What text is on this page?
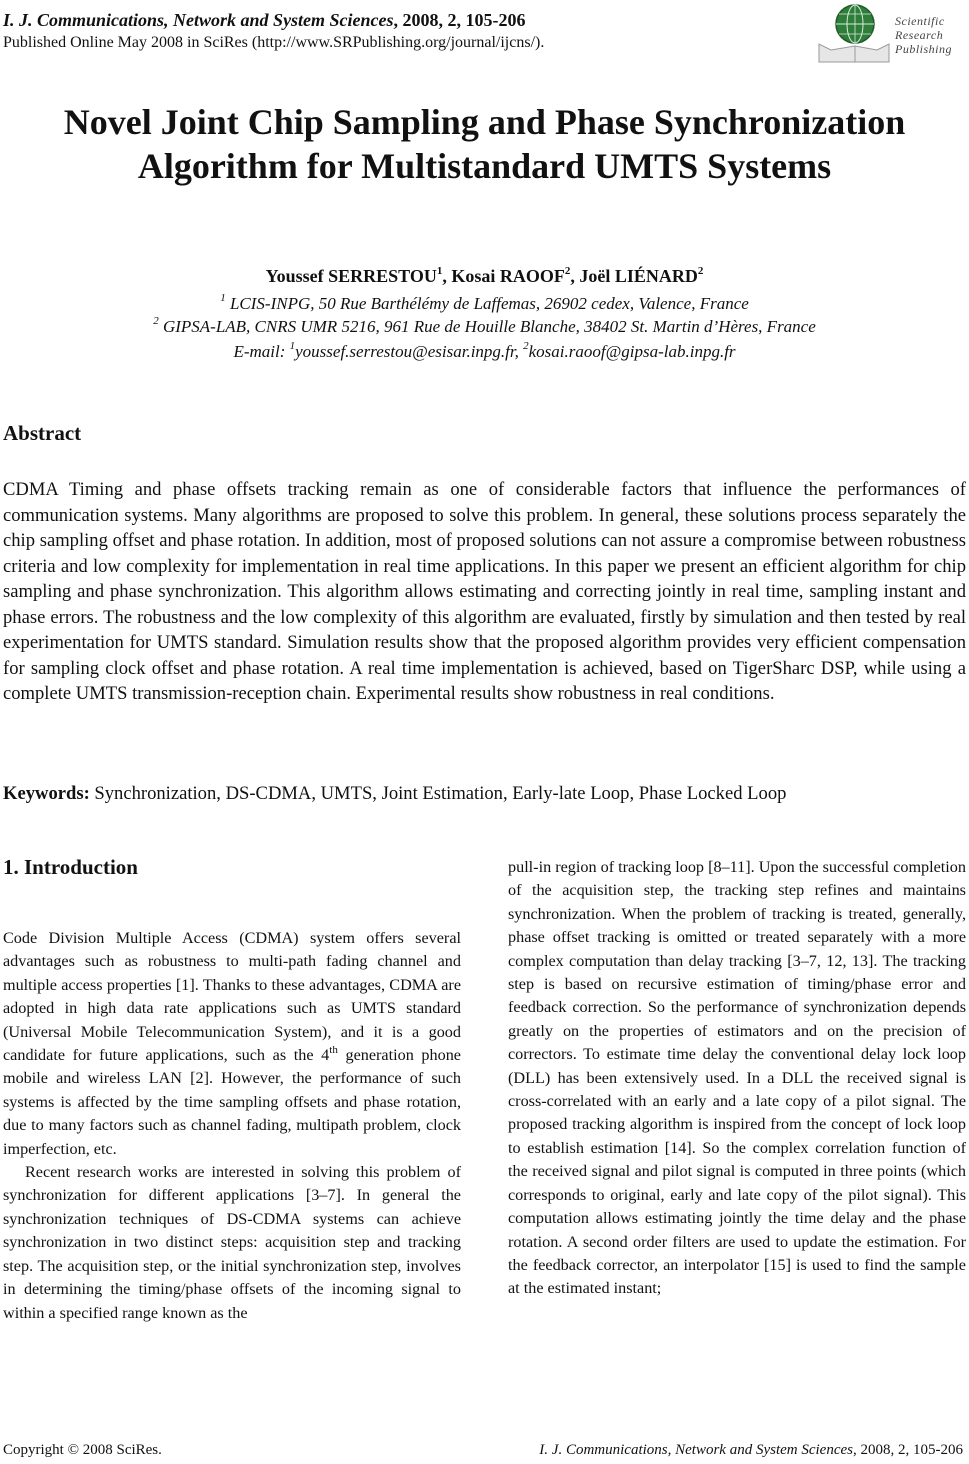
I. J. Communications, Network and System Sciences, 2008, 2, 105-206
Published Online May 2008 in SciRes (http://www.SRPublishing.org/journal/ijcns/).
Scientific
Research
Publishing
Novel Joint Chip Sampling and Phase Synchronization
Algorithm for Multistandard UMTS Systems
Youssef SERRESTOU$^1$, Kosai RAOOF$^2$, Joël LIÉNARD$^2$
$^1$ LCIS-INPG, 50 Rue Barthélémy de Laffemas, 26902 cedex, Valence, France
$^2$ GIPSA-LAB, CNRS UMR 5216, 961 Rue de Houille Blanche, 38402 St. Martin d’Hères, France
E-mail: $^1$youssef.serrestou@esisar.inpg.fr, $^2$kosai.raoof@gipsa-lab.inpg.fr
Abstract
CDMA Timing and phase offsets tracking remain as one of considerable factors that influence the performances of communication systems. Many algorithms are proposed to solve this problem. In general, these solutions process separately the chip sampling offset and phase rotation. In addition, most of proposed solutions can not assure a compromise between robustness criteria and low complexity for implementation in real time applications. In this paper we present an efficient algorithm for chip sampling and phase synchronization. This algorithm allows estimating and correcting jointly in real time, sampling instant and phase errors. The robustness and the low complexity of this algorithm are evaluated, firstly by simulation and then tested by real experimentation for UMTS standard. Simulation results show that the proposed algorithm provides very efficient compensation for sampling clock offset and phase rotation. A real time implementation is achieved, based on TigerSharc DSP, while using a complete UMTS transmission-reception chain. Experimental results show robustness in real conditions.
Keywords: Synchronization, DS-CDMA, UMTS, Joint Estimation, Early-late Loop, Phase Locked Loop
1. Introduction

Code Division Multiple Access (CDMA) system offers several advantages such as robustness to multi-path fading channel and multiple access properties [1]. Thanks to these advantages, CDMA are adopted in high data rate applications such as UMTS standard (Universal Mobile Telecommunication System), and it is a good candidate for future applications, such as the 4th generation phone mobile and wireless LAN [2]. However, the performance of such systems is affected by the time sampling offsets and phase rotation, due to many factors such as channel fading, multipath problem, clock imperfection, etc.

Recent research works are interested in solving this problem of synchronization for different applications [3–7]. In general the synchronization techniques of DS-CDMA systems can achieve synchronization in two distinct steps: acquisition step and tracking step. The acquisition step, or the initial synchronization step, involves in determining the timing/phase offsets of the incoming signal to within a specified range known as the

pull-in region of tracking loop [8–11]. Upon the successful completion of the acquisition step, the tracking step refines and maintains synchronization. When the problem of tracking is treated, generally, phase offset tracking is omitted or treated separately with a more complex computation than delay tracking [3–7, 12, 13]. The tracking step is based on recursive estimation of timing/phase error and feedback correction. So the performance of synchronization depends greatly on the properties of estimators and on the precision of correctors. To estimate time delay the conventional delay lock loop (DLL) has been extensively used. In a DLL the received signal is cross-correlated with an early and a late copy of a pilot signal. The proposed tracking algorithm is inspired from the concept of lock loop to establish estimation [14]. So the complex correlation function of the received signal and pilot signal is computed in three points (which corresponds to original, early and late copy of the pilot signal). This computation allows estimating jointly the time delay and the phase rotation. A second order filters are used to update the estimation. For the feedback corrector, an interpolator [15] is used to find the sample at the estimated instant;

Copyright © 2008 SciRes.	I. J. Communications, Network and System Sciences, 2008, 2, 105-206
